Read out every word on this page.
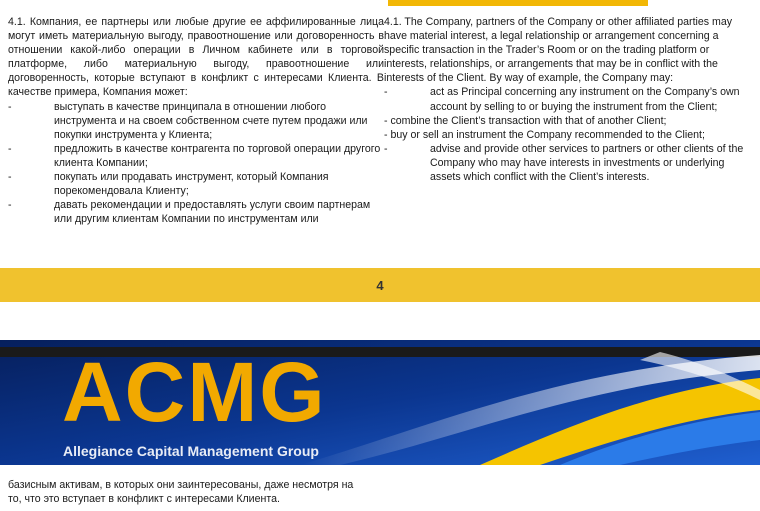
4.1. Компания, ее партнеры или любые другие ее аффилированные лица могут иметь материальную выгоду, правоотношение или договоренность в отношении какой-либо операции в Личном кабинете или в торговой платформе, либо материальную выгоду, правоотношение или договоренность, которые вступают в конфликт с интересами Клиента. В качестве примера, Компания может:

-	выступать в качестве принципала в отношении любого инструмента и на своем собственном счете путем продажи или покупки инструмента у Клиента;
-	предложить в качестве контрагента по торговой операции другого клиента Компании;
-	покупать или продавать инструмент, который Компания порекомендовала Клиенту;
-	давать рекомендации и предоставлять услуги своим партнерам или другим клиентам Компании по инструментам или

4.1. The Company, partners of the Company or other affiliated parties may have material interest, a legal relationship or arrangement concerning a specific transaction in the Trader’s Room or on the trading platform or interests, relationships, or arrangements that may be in conflict with the interests of the Client. By way of example, the Company may:

-	act as Principal concerning any instrument on the Company’s own account by selling to or buying the instrument from the Client;
- combine the Client’s transaction with that of another Client;
- buy or sell an instrument the Company recommended to the Client;
-	advise and provide other services to partners or other clients of the Company who may have interests in investments or underlying assets which conflict with the Client’s interests.
4
ACMG
Allegiance Capital Management Group

базисным активам, в которых они заинтересованы, даже несмотря на то, что это вступает в конфликт с интересами Клиента.
